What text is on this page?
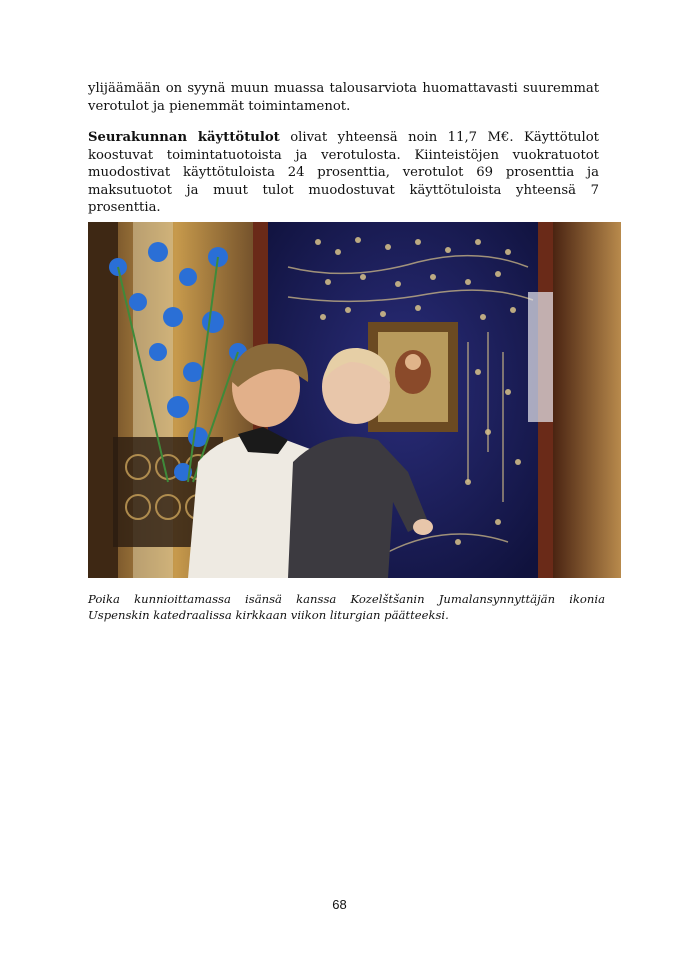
ylijäämään on syynä muun muassa talousarviota huomattavasti suuremmat verotulot ja pienemmät toimintamenot.
Seurakunnan käyttötulot olivat yhteensä noin 11,7 M€. Käyttötulot koostuvat toimintatuotoista ja verotulosta. Kiinteistöjen vuokratuotot muodostivat käyttötuloista 24 prosenttia, verotulot 69 prosenttia ja maksutuotot ja muut tulot muodostuvat käyttötuloista yhteensä 7 prosenttia.
Poika kunnioittamassa isänsä kanssa Kozelštšanin Jumalansynnyttäjän ikonia Uspenskin katedraalissa kirkkaan viikon liturgian päätteeksi.
68
